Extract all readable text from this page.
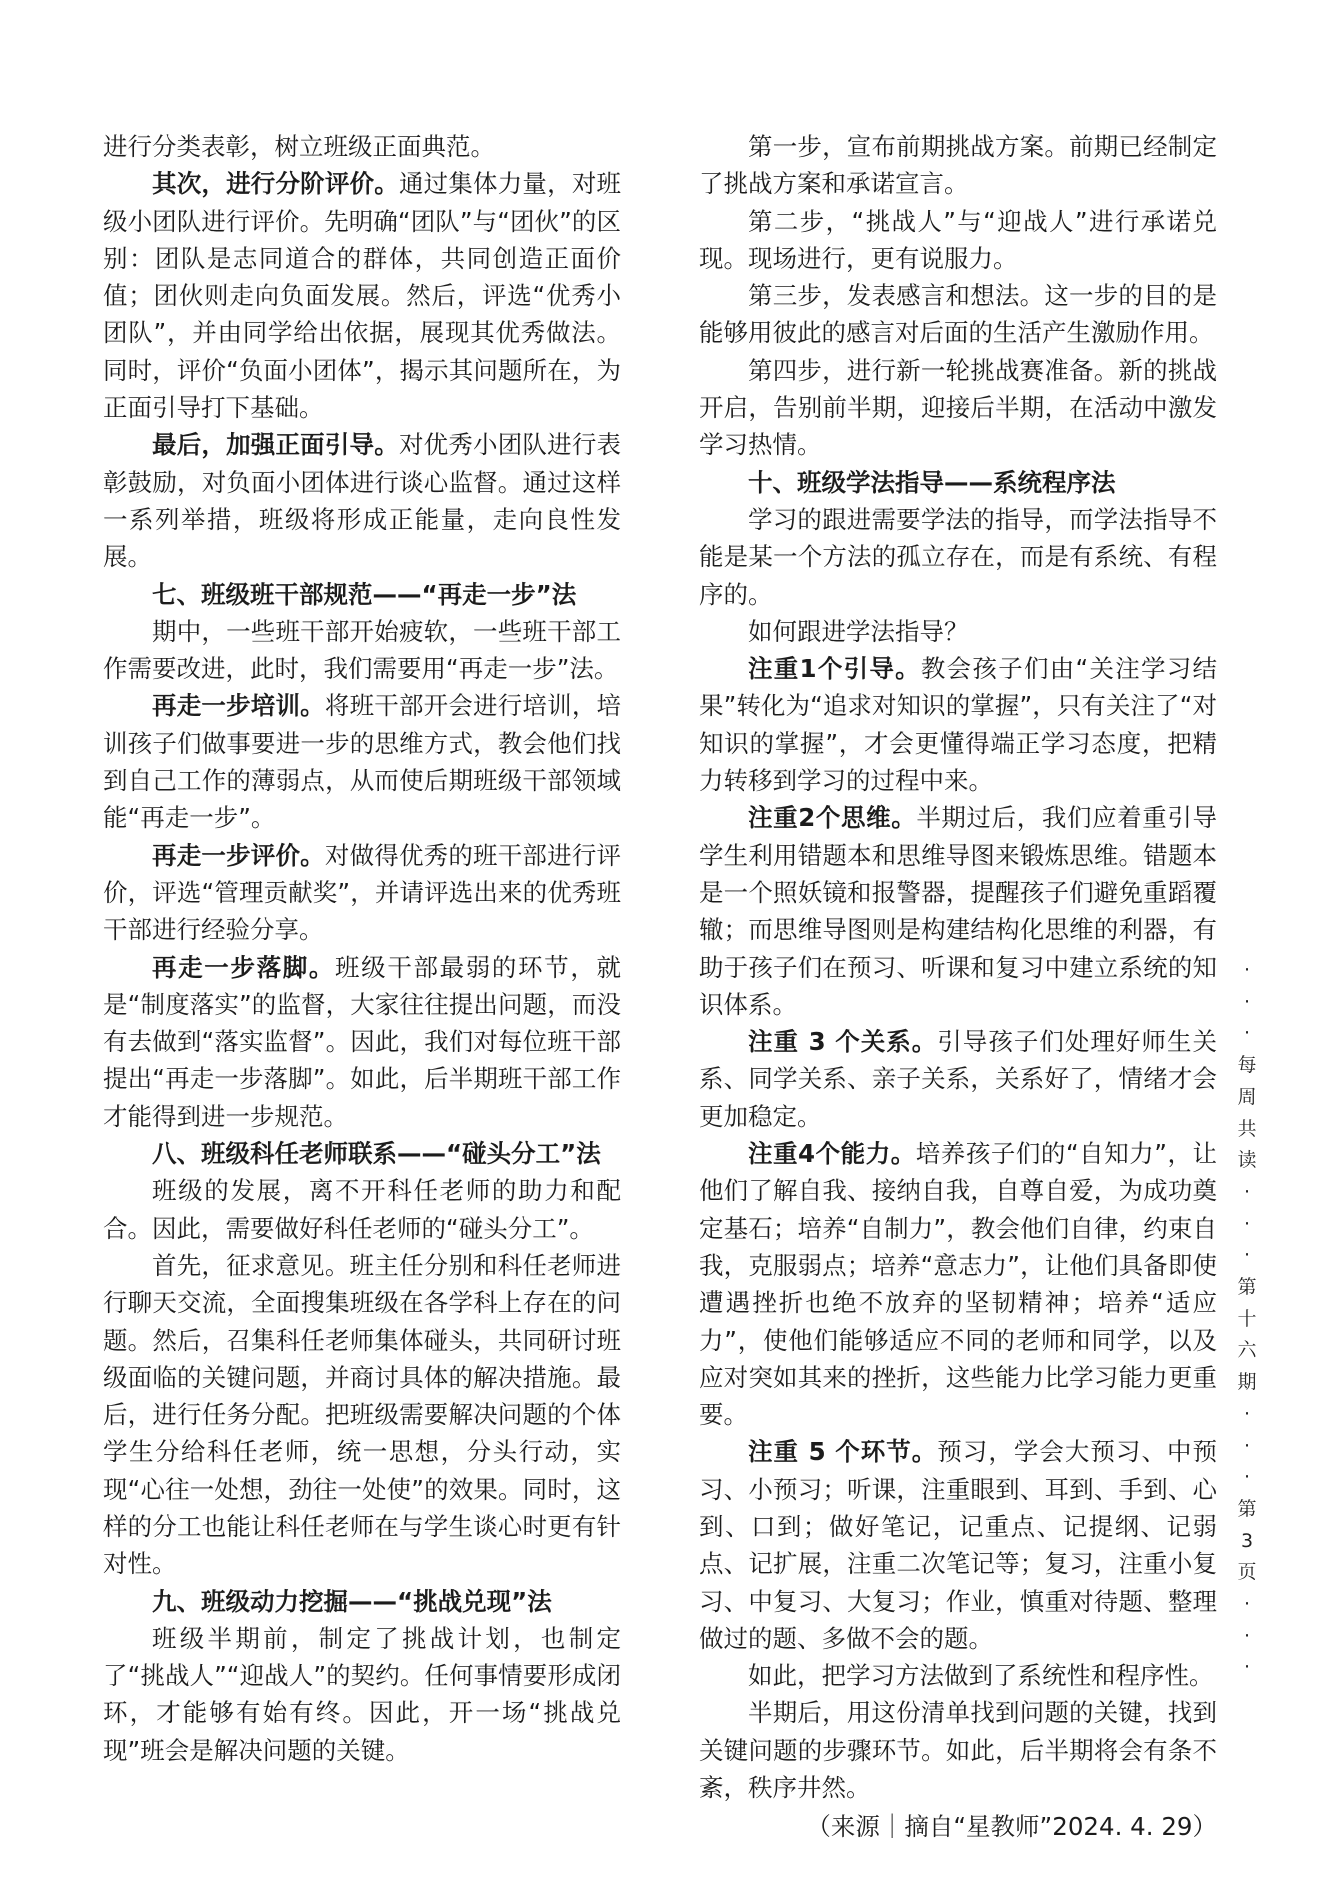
进行分类表彰，树立班级正面典范。

其次，进行分阶评价。通过集体力量，对班级小团队进行评价。先明确“团队”与“团伙”的区别：团队是志同道合的群体，共同创造正面价值；团伙则走向负面发展。然后，评选“优秀小团队”，并由同学给出依据，展现其优秀做法。同时，评价“负面小团体”，揭示其问题所在，为正面引导打下基础。

最后，加强正面引导。对优秀小团队进行表彰鼓励，对负面小团体进行谈心监督。通过这样一系列举措，班级将形成正能量，走向良性发展。

七、班级班干部规范——“再走一步”法

期中，一些班干部开始疲软，一些班干部工作需要改进，此时，我们需要用“再走一步”法。

再走一步培训。将班干部开会进行培训，培训孩子们做事要进一步的思维方式，教会他们找到自己工作的薄弱点，从而使后期班级干部领域能“再走一步”。

再走一步评价。对做得优秀的班干部进行评价，评选“管理贡献奖”，并请评选出来的优秀班干部进行经验分享。

再走一步落脚。班级干部最弱的环节，就是“制度落实”的监督，大家往往提出问题，而没有去做到“落实监督”。因此，我们对每位班干部提出“再走一步落脚”。如此，后半期班干部工作才能得到进一步规范。

八、班级科任老师联系——“碰头分工”法

班级的发展，离不开科任老师的助力和配合。因此，需要做好科任老师的“碰头分工”。

首先，征求意见。班主任分别和科任老师进行聊天交流，全面搜集班级在各学科上存在的问题。然后，召集科任老师集体碰头，共同研讨班级面临的关键问题，并商讨具体的解决措施。最后，进行任务分配。把班级需要解决问题的个体学生分给科任老师，统一思想，分头行动，实现“心往一处想，劲往一处使”的效果。同时，这样的分工也能让科任老师在与学生谈心时更有针对性。

九、班级动力挖掘——“挑战兑现”法

班级半期前，制定了挑战计划，也制定了“挑战人”“迎战人”的契约。任何事情要形成闭环，才能够有始有终。因此，开一场“挑战兑现”班会是解决问题的关键。

第一步，宣布前期挑战方案。前期已经制定了挑战方案和承诺宣言。

第二步，“挑战人”与“迎战人”进行承诺兑现。现场进行，更有说服力。

第三步，发表感言和想法。这一步的目的是能够用彼此的感言对后面的生活产生激励作用。

第四步，进行新一轮挑战赛准备。新的挑战开启，告别前半期，迎接后半期，在活动中激发学习热情。

十、班级学法指导——系统程序法

学习的跟进需要学法的指导，而学法指导不能是某一个方法的孤立存在，而是有系统、有程序的。

如何跟进学法指导？

注重1个引导。教会孩子们由“关注学习结果”转化为“追求对知识的掌握”，只有关注了“对知识的掌握”，才会更懂得端正学习态度，把精力转移到学习的过程中来。

注重2个思维。半期过后，我们应着重引导学生利用错题本和思维导图来锻炼思维。错题本是一个照妖镜和报警器，提醒孩子们避免重蹈覆辙；而思维导图则是构建结构化思维的利器，有助于孩子们在预习、听课和复习中建立系统的知识体系。

注重 3 个关系。引导孩子们处理好师生关系、同学关系、亲子关系，关系好了，情绪才会更加稳定。

注重4个能力。培养孩子们的“自知力”，让他们了解自我、接纳自我，自尊自爱，为成功奠定基石；培养“自制力”，教会他们自律，约束自我，克服弱点；培养“意志力”，让他们具备即使遭遇挫折也绝不放弃的坚韧精神；培养“适应力”，使他们能够适应不同的老师和同学，以及应对突如其来的挫折，这些能力比学习能力更重要。

注重 5 个环节。预习，学会大预习、中预习、小预习；听课，注重眼到、耳到、手到、心到、口到；做好笔记，记重点、记提纲、记弱点、记扩展，注重二次笔记等；复习，注重小复习、中复习、大复习；作业，慎重对待题、整理做过的题、多做不会的题。

如此，把学习方法做到了系统性和程序性。

半期后，用这份清单找到问题的关键，找到关键问题的步骤环节。如此，后半期将会有条不紊，秩序井然。

（来源｜摘自“星教师”2024. 4. 29）

·
·
·
每
周
共
读
·
·
·
第
十
六
期
·
·
·
第
3
页
·
·
·
